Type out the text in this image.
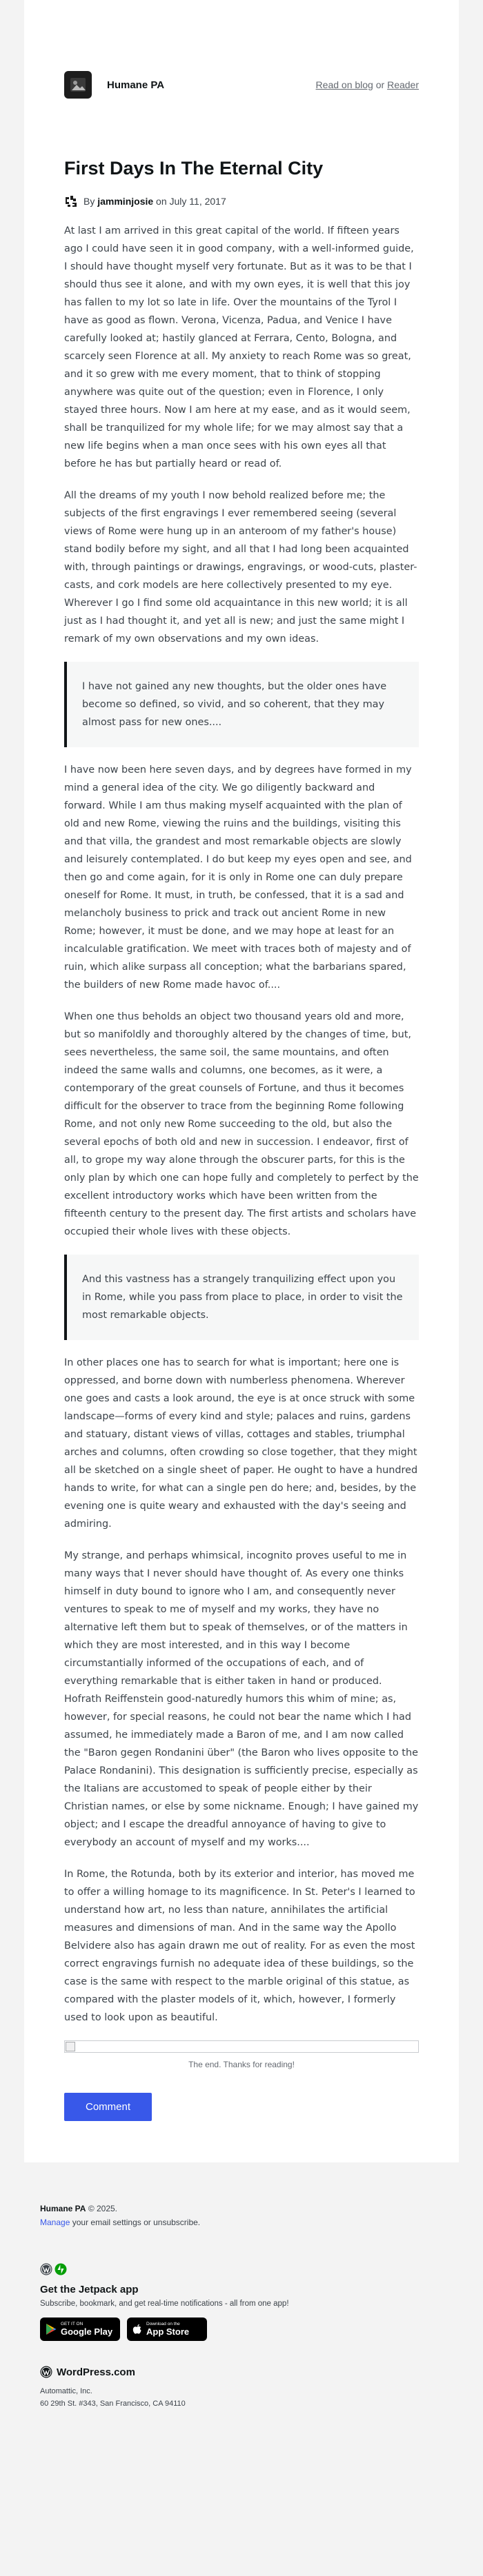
Humane PA	Read on blog or Reader
First Days In The Eternal City
By jamminjosie on July 11, 2017

At last I am arrived in this great capital of the world. If fifteen years ago I could have seen it in good company, with a well-informed guide, I should have thought myself very fortunate. But as it was to be that I should thus see it alone, and with my own eyes, it is well that this joy has fallen to my lot so late in life. Over the mountains of the Tyrol I have as good as flown. Verona, Vicenza, Padua, and Venice I have carefully looked at; hastily glanced at Ferrara, Cento, Bologna, and scarcely seen Florence at all. My anxiety to reach Rome was so great, and it so grew with me every moment, that to think of stopping anywhere was quite out of the question; even in Florence, I only stayed three hours. Now I am here at my ease, and as it would seem, shall be tranquilized for my whole life; for we may almost say that a new life begins when a man once sees with his own eyes all that before he has but partially heard or read of.

All the dreams of my youth I now behold realized before me; the subjects of the first engravings I ever remembered seeing (several views of Rome were hung up in an anteroom of my father's house) stand bodily before my sight, and all that I had long been acquainted with, through paintings or drawings, engravings, or wood-cuts, plaster-casts, and cork models are here collectively presented to my eye. Wherever I go I find some old acquaintance in this new world; it is all just as I had thought it, and yet all is new; and just the same might I remark of my own observations and my own ideas.

I have not gained any new thoughts, but the older ones have become so defined, so vivid, and so coherent, that they may almost pass for new ones....

I have now been here seven days, and by degrees have formed in my mind a general idea of the city. We go diligently backward and forward. While I am thus making myself acquainted with the plan of old and new Rome, viewing the ruins and the buildings, visiting this and that villa, the grandest and most remarkable objects are slowly and leisurely contemplated. I do but keep my eyes open and see, and then go and come again, for it is only in Rome one can duly prepare oneself for Rome. It must, in truth, be confessed, that it is a sad and melancholy business to prick and track out ancient Rome in new Rome; however, it must be done, and we may hope at least for an incalculable gratification. We meet with traces both of majesty and of ruin, which alike surpass all conception; what the barbarians spared, the builders of new Rome made havoc of....

When one thus beholds an object two thousand years old and more, but so manifoldly and thoroughly altered by the changes of time, but, sees nevertheless, the same soil, the same mountains, and often indeed the same walls and columns, one becomes, as it were, a contemporary of the great counsels of Fortune, and thus it becomes difficult for the observer to trace from the beginning Rome following Rome, and not only new Rome succeeding to the old, but also the several epochs of both old and new in succession. I endeavor, first of all, to grope my way alone through the obscurer parts, for this is the only plan by which one can hope fully and completely to perfect by the excellent introductory works which have been written from the fifteenth century to the present day. The first artists and scholars have occupied their whole lives with these objects.

And this vastness has a strangely tranquilizing effect upon you in Rome, while you pass from place to place, in order to visit the most remarkable objects.

In other places one has to search for what is important; here one is oppressed, and borne down with numberless phenomena. Wherever one goes and casts a look around, the eye is at once struck with some landscape—forms of every kind and style; palaces and ruins, gardens and statuary, distant views of villas, cottages and stables, triumphal arches and columns, often crowding so close together, that they might all be sketched on a single sheet of paper. He ought to have a hundred hands to write, for what can a single pen do here; and, besides, by the evening one is quite weary and exhausted with the day's seeing and admiring.

My strange, and perhaps whimsical, incognito proves useful to me in many ways that I never should have thought of. As every one thinks himself in duty bound to ignore who I am, and consequently never ventures to speak to me of myself and my works, they have no alternative left them but to speak of themselves, or of the matters in which they are most interested, and in this way I become circumstantially informed of the occupations of each, and of everything remarkable that is either taken in hand or produced. Hofrath Reiffenstein good-naturedly humors this whim of mine; as, however, for special reasons, he could not bear the name which I had assumed, he immediately made a Baron of me, and I am now called the "Baron gegen Rondanini über" (the Baron who lives opposite to the Palace Rondanini). This designation is sufficiently precise, especially as the Italians are accustomed to speak of people either by their Christian names, or else by some nickname. Enough; I have gained my object; and I escape the dreadful annoyance of having to give to everybody an account of myself and my works....

In Rome, the Rotunda, both by its exterior and interior, has moved me to offer a willing homage to its magnificence. In St. Peter's I learned to understand how art, no less than nature, annihilates the artificial measures and dimensions of man. And in the same way the Apollo Belvidere also has again drawn me out of reality. For as even the most correct engravings furnish no adequate idea of these buildings, so the case is the same with respect to the marble original of this statue, as compared with the plaster models of it, which, however, I formerly used to look upon as beautiful.

The end. Thanks for reading!
Comment
Humane PA © 2025.
Manage your email settings or unsubscribe.
Get the Jetpack app
Subscribe, bookmark, and get real-time notifications - all from one app!
GET IT ON
Google Play
Download on the
App Store
WordPress.com
Automattic, Inc.
60 29th St. #343, San Francisco, CA 94110
